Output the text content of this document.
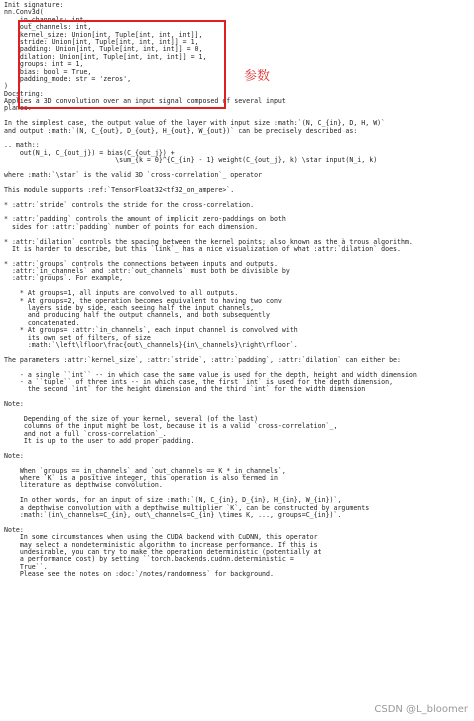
Init signature:
nn.Conv3d(
in_channels: int,
out_channels: int,
kernel_size: Union[int, Tuple[int, int, int]],
stride: Union[int, Tuple[int, int, int]] = 1,
padding: Union[int, Tuple[int, int, int]] = 0,
dilation: Union[int, Tuple[int, int, int]] = 1,
groups: int = 1,
bias: bool = True,
padding_mode: str = 'zeros',
)
Docstring:
Applies a 3D convolution over an input signal composed of several input
planes.
In the simplest case, the output value of the layer with input size :math:`(N, C_{in}, D, H, W)`
and output :math:`(N, C_{out}, D_{out}, H_{out}, W_{out})` can be precisely described as:
.. math::
out(N_i, C_{out_j}) = bias(C_{out_j}) +
\sum_{k = 0}^{C_{in} - 1} weight(C_{out_j}, k) \star input(N_i, k)
where :math:`\star` is the valid 3D `cross-correlation`_ operator
This module supports :ref:`TensorFloat32<tf32_on_ampere>`.
* :attr:`stride` controls the stride for the cross-correlation.
* :attr:`padding` controls the amount of implicit zero-paddings on both
sides for :attr:`padding` number of points for each dimension.
* :attr:`dilation` controls the spacing between the kernel points; also known as the à trous algorithm.
It is harder to describe, but this `link`_ has a nice visualization of what :attr:`dilation` does.
* :attr:`groups` controls the connections between inputs and outputs.
:attr:`in_channels` and :attr:`out_channels` must both be divisible by
:attr:`groups`. For example,
* At groups=1, all inputs are convolved to all outputs.
* At groups=2, the operation becomes equivalent to having two conv
layers side by side, each seeing half the input channels,
and producing half the output channels, and both subsequently
concatenated.
* At groups= :attr:`in_channels`, each input channel is convolved with
its own set of filters, of size
:math:`\left\lfloor\frac{out\_channels}{in\_channels}\right\rfloor`.
The parameters :attr:`kernel_size`, :attr:`stride`, :attr:`padding`, :attr:`dilation` can either be:
- a single ``int`` -- in which case the same value is used for the depth, height and width dimension
- a ``tuple`` of three ints -- in which case, the first `int` is used for the depth dimension,
the second `int` for the height dimension and the third `int` for the width dimension
Note:
Depending of the size of your kernel, several (of the last)
columns of the input might be lost, because it is a valid `cross-correlation`_,
and not a full `cross-correlation`_.
It is up to the user to add proper padding.
Note:
When `groups == in_channels` and `out_channels == K * in_channels`,
where `K` is a positive integer, this operation is also termed in
literature as depthwise convolution.
In other words, for an input of size :math:`(N, C_{in}, D_{in}, H_{in}, W_{in})`,
a depthwise convolution with a depthwise multiplier `K`, can be constructed by arguments
:math:`(in\_channels=C_{in}, out\_channels=C_{in} \times K, ..., groups=C_{in})`.
Note:
In some circumstances when using the CUDA backend with CuDNN, this operator
may select a nondeterministic algorithm to increase performance. If this is
undesirable, you can try to make the operation deterministic (potentially at
a performance cost) by setting ``torch.backends.cudnn.deterministic =
True``.
Please see the notes on :doc:`/notes/randomness` for background.
参数
CSDN @L_bloomer
